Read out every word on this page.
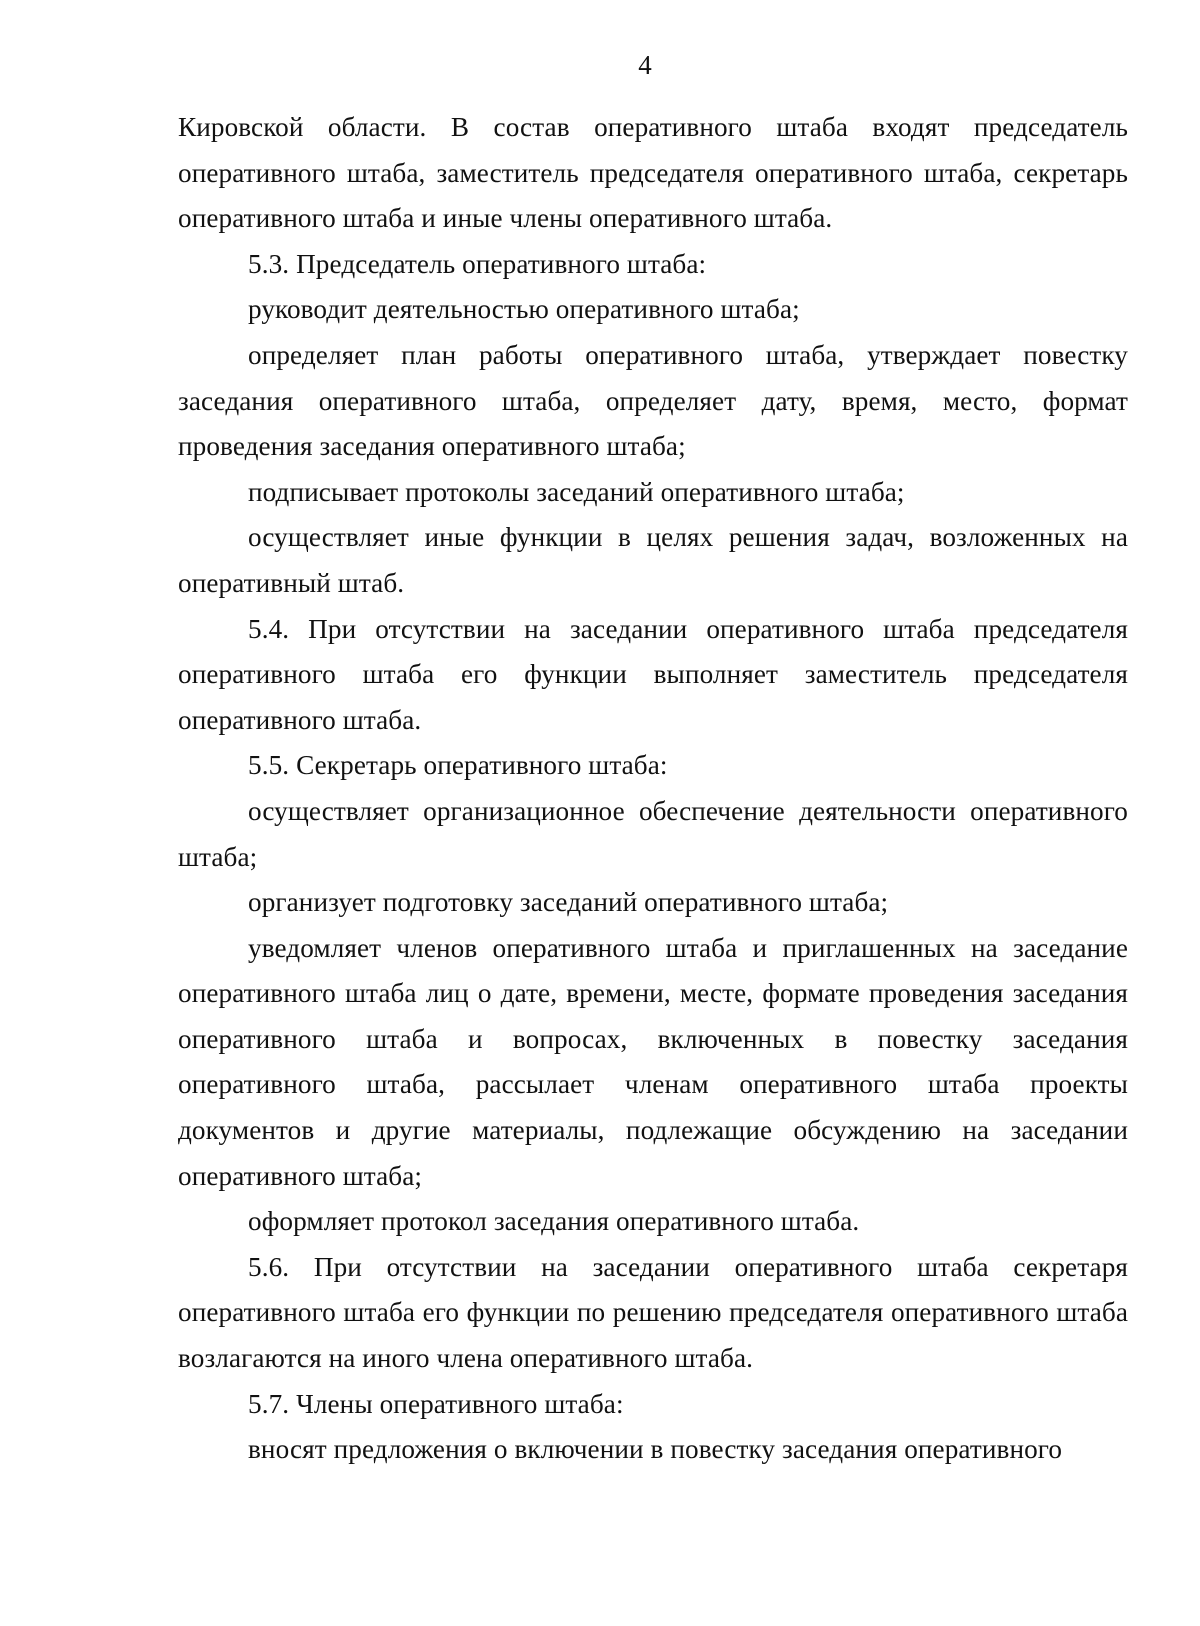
4

Кировской области. В состав оперативного штаба входят председатель оперативного штаба, заместитель председателя оперативного штаба, секретарь оперативного штаба и иные члены оперативного штаба.

5.3. Председатель оперативного штаба:

руководит деятельностью оперативного штаба;

определяет план работы оперативного штаба, утверждает повестку заседания оперативного штаба, определяет дату, время, место, формат проведения заседания оперативного штаба;

подписывает протоколы заседаний оперативного штаба;

осуществляет иные функции в целях решения задач, возложенных на оперативный штаб.

5.4. При отсутствии на заседании оперативного штаба председателя оперативного штаба его функции выполняет заместитель председателя оперативного штаба.

5.5. Секретарь оперативного штаба:

осуществляет организационное обеспечение деятельности оперативного штаба;

организует подготовку заседаний оперативного штаба;

уведомляет членов оперативного штаба и приглашенных на заседание оперативного штаба лиц о дате, времени, месте, формате проведения заседания оперативного штаба и вопросах, включенных в повестку заседания оперативного штаба, рассылает членам оперативного штаба проекты документов и другие материалы, подлежащие обсуждению на заседании оперативного штаба;

оформляет протокол заседания оперативного штаба.

5.6. При отсутствии на заседании оперативного штаба секретаря оперативного штаба его функции по решению председателя оперативного штаба возлагаются на иного члена оперативного штаба.

5.7. Члены оперативного штаба:

вносят предложения о включении в повестку заседания оперативного
